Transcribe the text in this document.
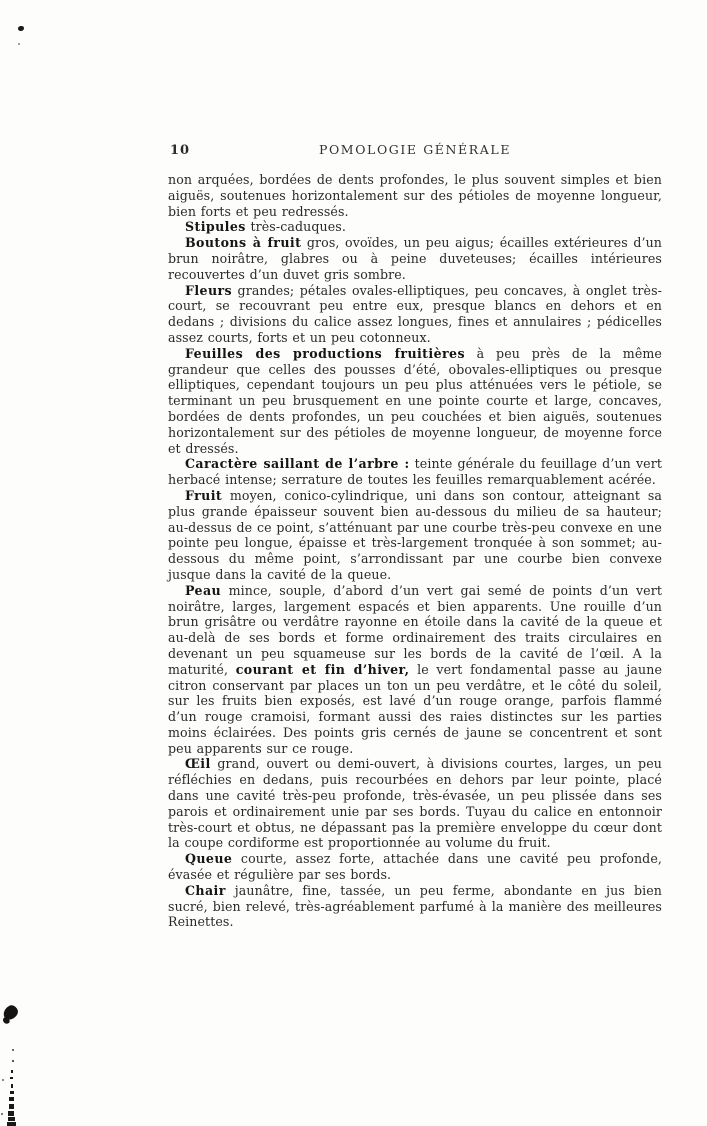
10	POMOLOGIE GÉNÉRALE

non arquées, bordées de dents profondes, le plus souvent simples et bien aiguës, soutenues horizontalement sur des pétioles de moyenne longueur, bien forts et peu redressés.

Stipules très-caduques.

Boutons à fruit gros, ovoïdes, un peu aigus; écailles extérieures d’un brun noirâtre, glabres ou à peine duveteuses; écailles intérieures recouvertes d’un duvet gris sombre.

Fleurs grandes; pétales ovales-elliptiques, peu concaves, à onglet très-court, se recouvrant peu entre eux, presque blancs en dehors et en dedans ; divisions du calice assez longues, fines et annulaires ; pédicelles assez courts, forts et un peu cotonneux.

Feuilles des productions fruitières à peu près de la même grandeur que celles des pousses d’été, obovales-elliptiques ou presque elliptiques, cependant toujours un peu plus atténuées vers le pétiole, se terminant un peu brusquement en une pointe courte et large, concaves, bordées de dents profondes, un peu couchées et bien aiguës, soutenues horizontalement sur des pétioles de moyenne longueur, de moyenne force et dressés.

Caractère saillant de l’arbre : teinte générale du feuillage d’un vert herbacé intense; serrature de toutes les feuilles remarquablement acérée.

Fruit moyen, conico-cylindrique, uni dans son contour, atteignant sa plus grande épaisseur souvent bien au-dessous du milieu de sa hauteur; au-dessus de ce point, s’atténuant par une courbe très-peu convexe en une pointe peu longue, épaisse et très-largement tronquée à son sommet; au-dessous du même point, s’arrondissant par une courbe bien convexe jusque dans la cavité de la queue.

Peau mince, souple, d’abord d’un vert gai semé de points d’un vert noirâtre, larges, largement espacés et bien apparents. Une rouille d’un brun grisâtre ou verdâtre rayonne en étoile dans la cavité de la queue et au-delà de ses bords et forme ordinairement des traits circulaires en devenant un peu squameuse sur les bords de la cavité de l’œil. A la maturité, courant et fin d’hiver, le vert fondamental passe au jaune citron conservant par places un ton un peu verdâtre, et le côté du soleil, sur les fruits bien exposés, est lavé d’un rouge orange, parfois flammé d’un rouge cramoisi, formant aussi des raies distinctes sur les parties moins éclairées. Des points gris cernés de jaune se concentrent et sont peu apparents sur ce rouge.

Œil grand, ouvert ou demi-ouvert, à divisions courtes, larges, un peu réfléchies en dedans, puis recourbées en dehors par leur pointe, placé dans une cavité très-peu profonde, très-évasée, un peu plissée dans ses parois et ordinairement unie par ses bords. Tuyau du calice en entonnoir très-court et obtus, ne dépassant pas la première enveloppe du cœur dont la coupe cordiforme est proportionnée au volume du fruit.

Queue courte, assez forte, attachée dans une cavité peu profonde, évasée et régulière par ses bords.

Chair jaunâtre, fine, tassée, un peu ferme, abondante en jus bien sucré, bien relevé, très-agréablement parfumé à la manière des meilleures Reinettes.
